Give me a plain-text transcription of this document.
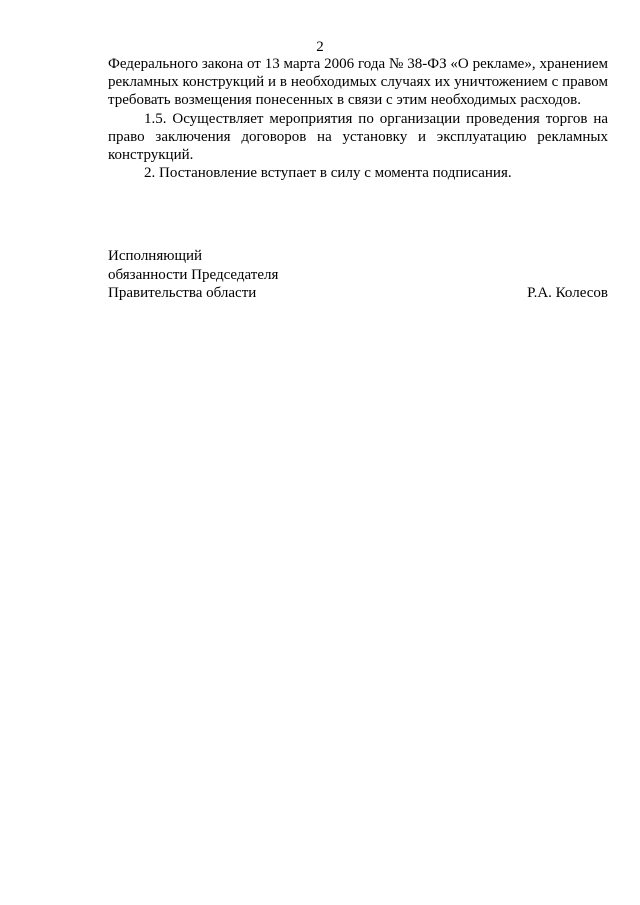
2

Федерального закона от 13 марта 2006 года № 38-ФЗ «О рекламе», хранением рекламных конструкций и в необходимых случаях их уничтожением с правом требовать возмещения понесенных в связи с этим необходимых расходов.

1.5. Осуществляет мероприятия по организации проведения торгов на право заключения договоров на установку и эксплуатацию рекламных конструкций.

2. Постановление вступает в силу с момента подписания.

Исполняющий
обязанности Председателя
Правительства области	Р.А. Колесов
